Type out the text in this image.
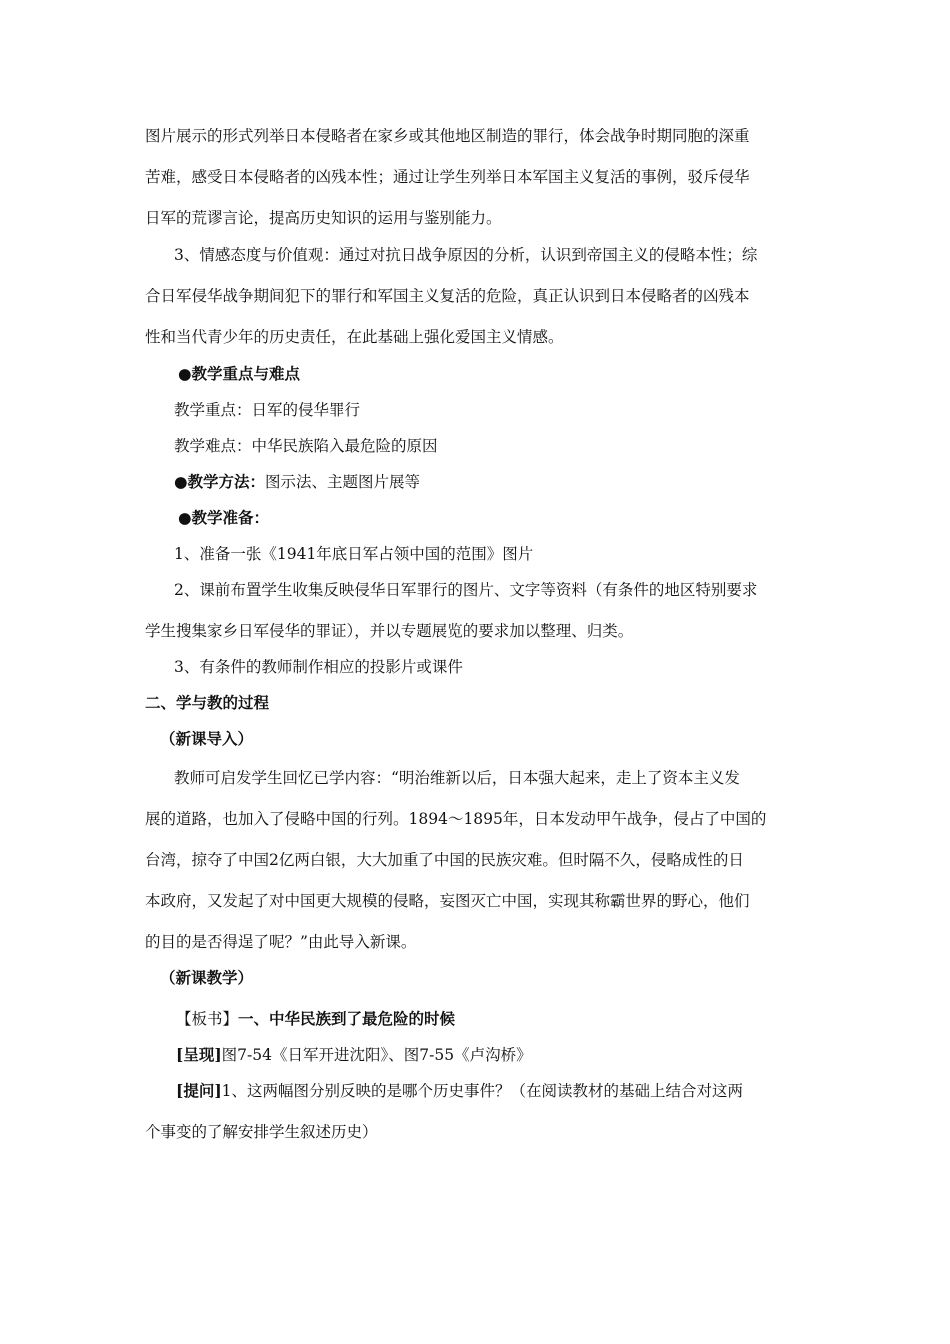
图片展示的形式列举日本侵略者在家乡或其他地区制造的罪行，体会战争时期同胞的深重

苦难，感受日本侵略者的凶残本性；通过让学生列举日本军国主义复活的事例，驳斥侵华

日军的荒谬言论，提高历史知识的运用与鉴别能力。

3、情感态度与价值观：通过对抗日战争原因的分析，认识到帝国主义的侵略本性；综

合日军侵华战争期间犯下的罪行和军国主义复活的危险，真正认识到日本侵略者的凶残本

性和当代青少年的历史责任，在此基础上强化爱国主义情感。

●教学重点与难点

教学重点：日军的侵华罪行

教学难点：中华民族陷入最危险的原因

●教学方法：图示法、主题图片展等

●教学准备：

1、准备一张《1941年底日军占领中国的范围》图片

2、课前布置学生收集反映侵华日军罪行的图片、文字等资料（有条件的地区特别要求

学生搜集家乡日军侵华的罪证），并以专题展览的要求加以整理、归类。

3、有条件的教师制作相应的投影片或课件

二、学与教的过程

（新课导入）

教师可启发学生回忆已学内容：“明治维新以后，日本强大起来，走上了资本主义发

展的道路，也加入了侵略中国的行列。1894～1895年，日本发动甲午战争，侵占了中国的

台湾，掠夺了中国2亿两白银，大大加重了中国的民族灾难。但时隔不久，侵略成性的日

本政府，又发起了对中国更大规模的侵略，妄图灭亡中国，实现其称霸世界的野心，他们

的目的是否得逞了呢？”由此导入新课。

（新课教学）

【板书】一、中华民族到了最危险的时候

[呈现]图7-54《日军开进沈阳》、图7-55《卢沟桥》

[提问]1、这两幅图分别反映的是哪个历史事件？（在阅读教材的基础上结合对这两

个事变的了解安排学生叙述历史）
